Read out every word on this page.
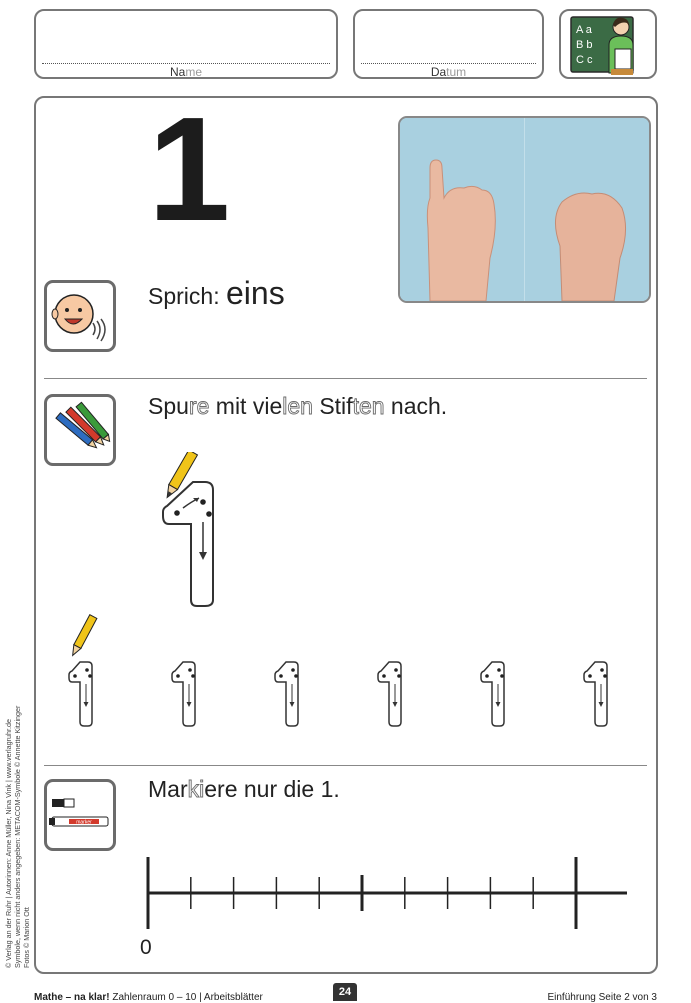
Name	Datum
A a
B b
C c
1
Sprich: eins
Spure mit vielen Stiften nach.
marker
Markiere nur die 1.
0
© Verlag an der Ruhr | Autorinnen: Anne Müller, Nina Vink | www.verlagruhr.de Symbole, wenn nicht anders angegeben: METACOM-Symbole © Annette Kitzinger Fotos © Marion Ott
Mathe – na klar! Zahlenraum 0 – 10 | Arbeitsblätter	24	Einführung Seite 2 von 3
